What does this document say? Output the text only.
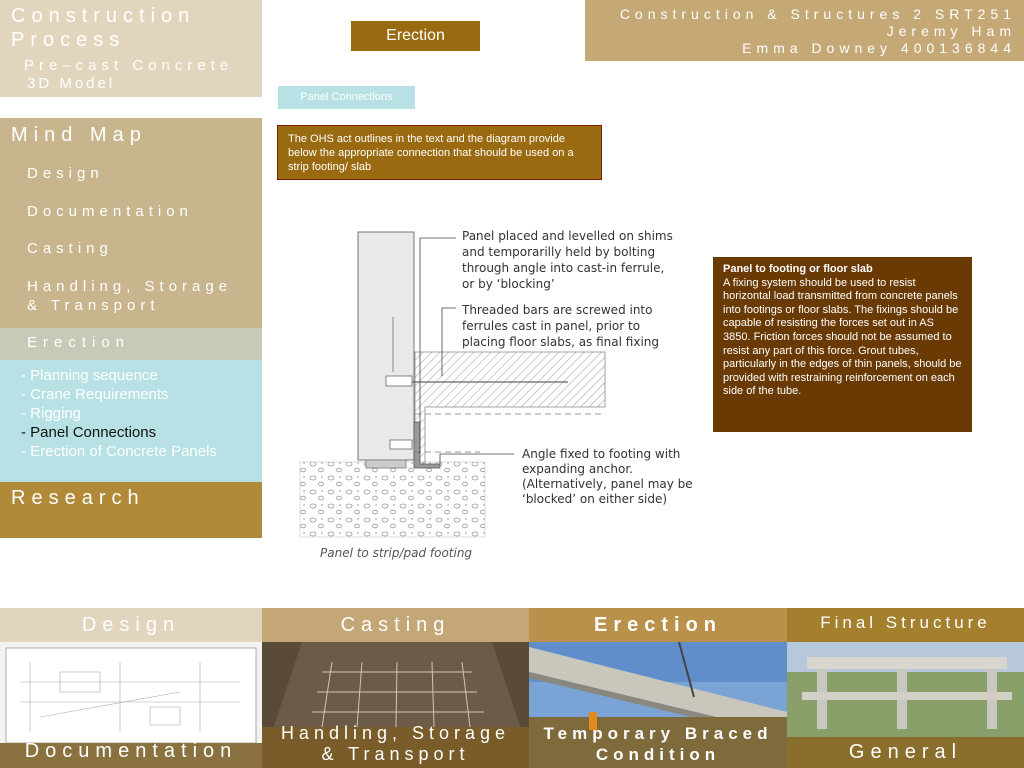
Construction Process
Pre–cast Concrete
3D Model
Mind Map
Design
Documentation
Casting
Handling, Storage
& Transport
Erection
- Planning sequence
- Crane Requirements
- Rigging
- Panel Connections
- Erection of Concrete Panels
Research
Erection
Construction & Structures 2 SRT251
Jeremy Ham
Emma Downey 400136844
Panel Connections
The OHS act outlines in the text and the diagram provide below the appropriate connection that should be used on a strip footing/ slab
Panel placed and levelled on shims and temporarilly held by bolting through angle into cast-in ferrule, or by ‘blocking’
Threaded bars are screwed into ferrules cast in panel, prior to placing floor slabs, as final fixing
Angle fixed to footing with expanding anchor. (Alternatively, panel may be ‘blocked’ on either side)
Panel to strip/pad footing
Panel to footing or floor slab
A fixing system should be used to resist horizontal load transmitted from concrete panels into footings or floor slabs. The fixings should be capable of resisting the forces set out in AS 3850. Friction forces should not be assumed to resist any part of this force. Grout tubes, particularly in the edges of thin panels, should be provided with restraining reinforcement on each side of the tube.
Design	Casting	Erection	Final Structure
Documentation
Handling, Storage
& Transport
Temporary Braced
Condition	General
